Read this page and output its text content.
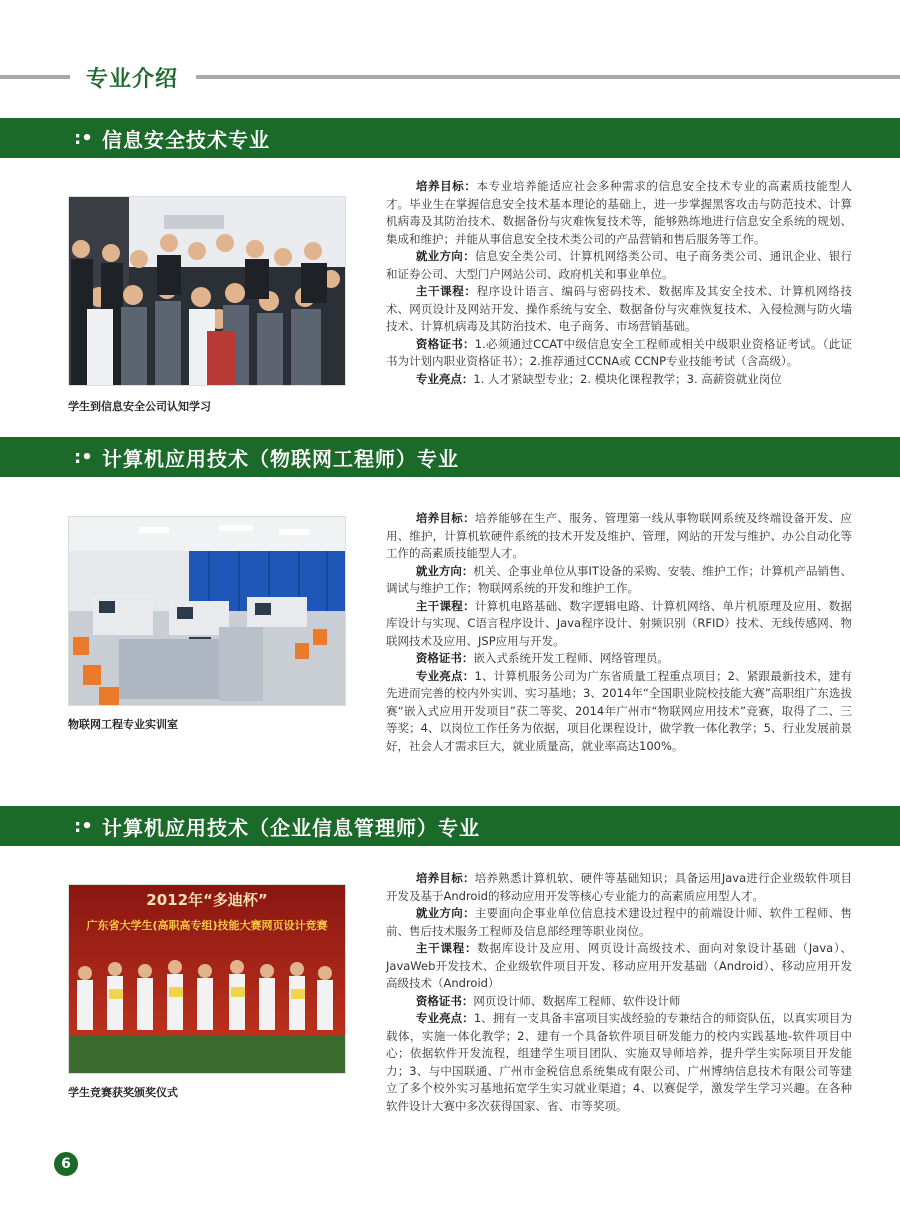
专业介绍
:• 信息安全技术专业
学生到信息安全公司认知学习

培养目标：本专业培养能适应社会多种需求的信息安全技术专业的高素质技能型人才。毕业生在掌握信息安全技术基本理论的基础上，进一步掌握黑客攻击与防范技术、计算机病毒及其防治技术、数据备份与灾难恢复技术等，能够熟练地进行信息安全系统的规划、集成和维护；并能从事信息安全技术类公司的产品营销和售后服务等工作。

就业方向：信息安全类公司、计算机网络类公司、电子商务类公司、通讯企业、银行和证券公司、大型门户网站公司、政府机关和事业单位。

主干课程：程序设计语言、编码与密码技术、数据库及其安全技术、计算机网络技术、网页设计及网站开发、操作系统与安全、数据备份与灾难恢复技术、入侵检测与防火墙技术、计算机病毒及其防治技术、电子商务、市场营销基础。

资格证书：1.必须通过CCAT中级信息安全工程师或相关中级职业资格证考试。（此证书为计划内职业资格证书）；2.推荐通过CCNA或 CCNP专业技能考试（含高级）。

专业亮点：1. 人才紧缺型专业；2. 模块化课程教学；3. 高薪资就业岗位

:• 计算机应用技术（物联网工程师）专业
物联网工程专业实训室

培养目标：培养能够在生产、服务、管理第一线从事物联网系统及终端设备开发、应用、维护，计算机软硬件系统的技术开发及维护、管理，网站的开发与维护、办公自动化等工作的高素质技能型人才。

就业方向：机关、企事业单位从事IT设备的采购、安装、维护工作；计算机产品销售、调试与维护工作；物联网系统的开发和维护工作。

主干课程：计算机电路基础、数字逻辑电路、计算机网络、单片机原理及应用、数据库设计与实现、C语言程序设计、Java程序设计、射频识别（RFID）技术、无线传感网、物联网技术及应用、JSP应用与开发。

资格证书：嵌入式系统开发工程师、网络管理员。

专业亮点：1、计算机服务公司为广东省质量工程重点项目；2、紧跟最新技术，建有先进而完善的校内外实训、实习基地；3、2014年“全国职业院校技能大赛”高职组广东选拔赛“嵌入式应用开发项目”获二等奖、2014年广州市“物联网应用技术”竞赛，取得了二、三等奖；4、以岗位工作任务为依据，项目化课程设计，做学教一体化教学；5、行业发展前景好，社会人才需求巨大，就业质量高，就业率高达100%。

:• 计算机应用技术（企业信息管理师）专业
2012年“多迪杯”
广东省大学生(高职高专组)技能大赛网页设计竞赛
学生竞赛获奖颁奖仪式

培养目标：培养熟悉计算机软、硬件等基础知识；具备运用Java进行企业级软件项目开发及基于Android的移动应用开发等核心专业能力的高素质应用型人才。

就业方向：主要面向企事业单位信息技术建设过程中的前端设计师、软件工程师、售前、售后技术服务工程师及信息部经理等职业岗位。

主干课程：数据库设计及应用、网页设计高级技术、面向对象设计基础（Java）、JavaWeb开发技术、企业级软件项目开发、移动应用开发基础（Android）、移动应用开发高级技术（Android）

资格证书：网页设计师、数据库工程师、软件设计师

专业亮点：1、拥有一支具备丰富项目实战经验的专兼结合的师资队伍，以真实项目为载体，实施一体化教学；2、建有一个具备软件项目研发能力的校内实践基地-软件项目中心；依据软件开发流程，组建学生项目团队、实施双导师培养，提升学生实际项目开发能力；3、与中国联通、广州市金税信息系统集成有限公司、广州博纳信息技术有限公司等建立了多个校外实习基地拓宽学生实习就业渠道；4、以赛促学，激发学生学习兴趣。在各种软件设计大赛中多次获得国家、省、市等奖项。

6
